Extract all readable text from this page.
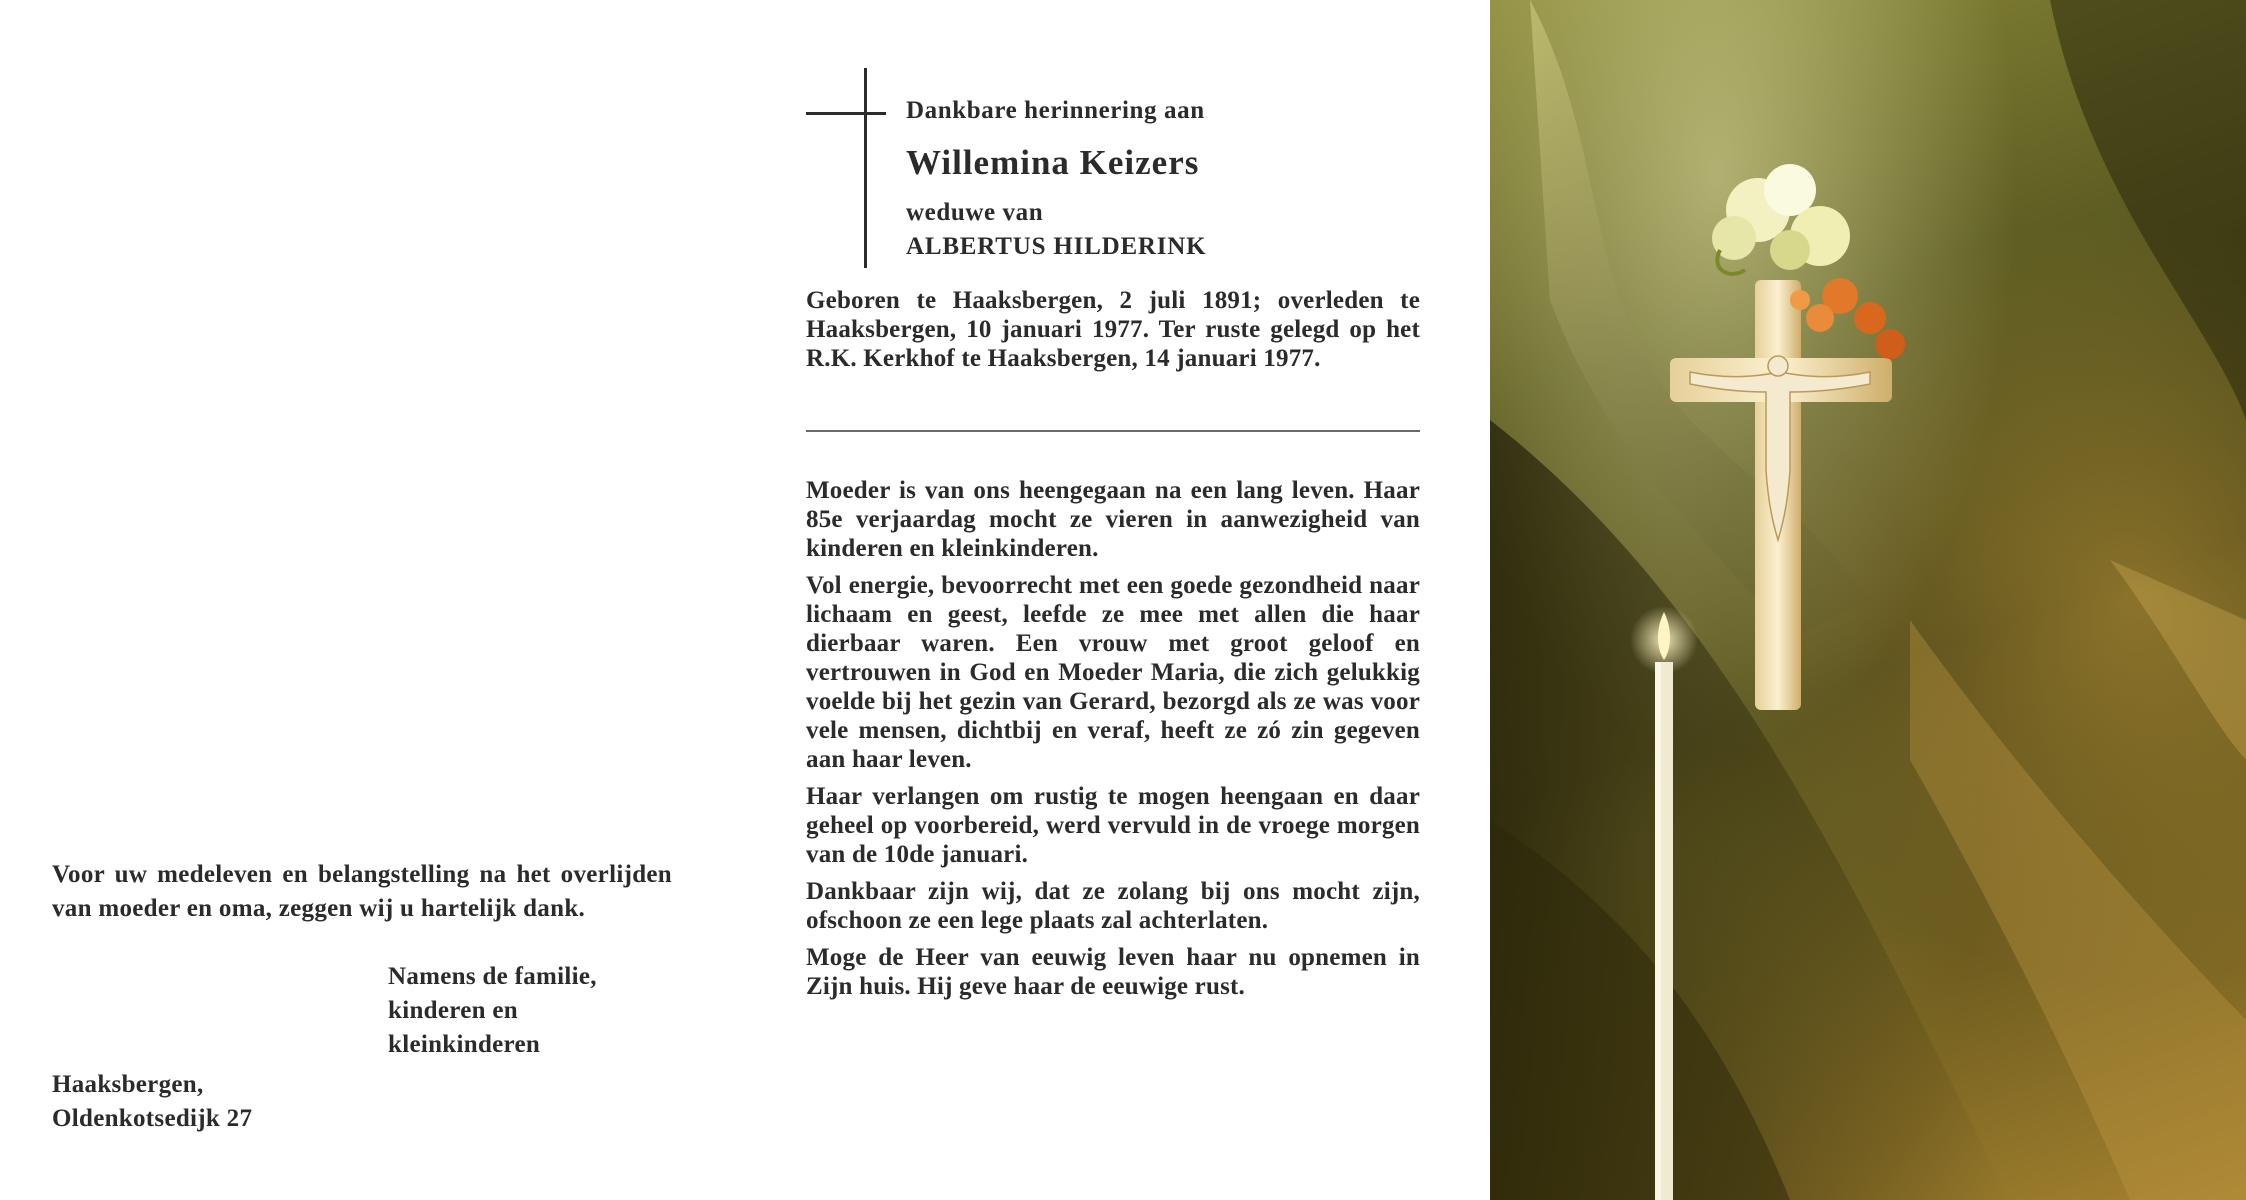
Voor uw medeleven en belangstelling na het overlijden van moeder en oma, zeggen wij u hartelijk dank.

Namens de familie,
kinderen en
kleinkinderen
Haaksbergen,
Oldenkotsedijk 27
Dankbare herinnering aan
Willemina Keizers
weduwe van
ALBERTUS HILDERINK

Geboren te Haaksbergen, 2 juli 1891; overleden te Haaksbergen, 10 januari 1977. Ter ruste gelegd op het R.K. Kerkhof te Haaksbergen, 14 januari 1977.

Moeder is van ons heengegaan na een lang leven. Haar 85e verjaardag mocht ze vieren in aanwezigheid van kinderen en kleinkinderen.

Vol energie, bevoorrecht met een goede gezondheid naar lichaam en geest, leefde ze mee met allen die haar dierbaar waren. Een vrouw met groot geloof en vertrouwen in God en Moeder Maria, die zich gelukkig voelde bij het gezin van Gerard, bezorgd als ze was voor vele mensen, dichtbij en veraf, heeft ze zó zin gegeven aan haar leven.

Haar verlangen om rustig te mogen heengaan en daar geheel op voorbereid, werd vervuld in de vroege morgen van de 10de januari.

Dankbaar zijn wij, dat ze zolang bij ons mocht zijn, ofschoon ze een lege plaats zal achterlaten.

Moge de Heer van eeuwig leven haar nu opnemen in Zijn huis. Hij geve haar de eeuwige rust.
